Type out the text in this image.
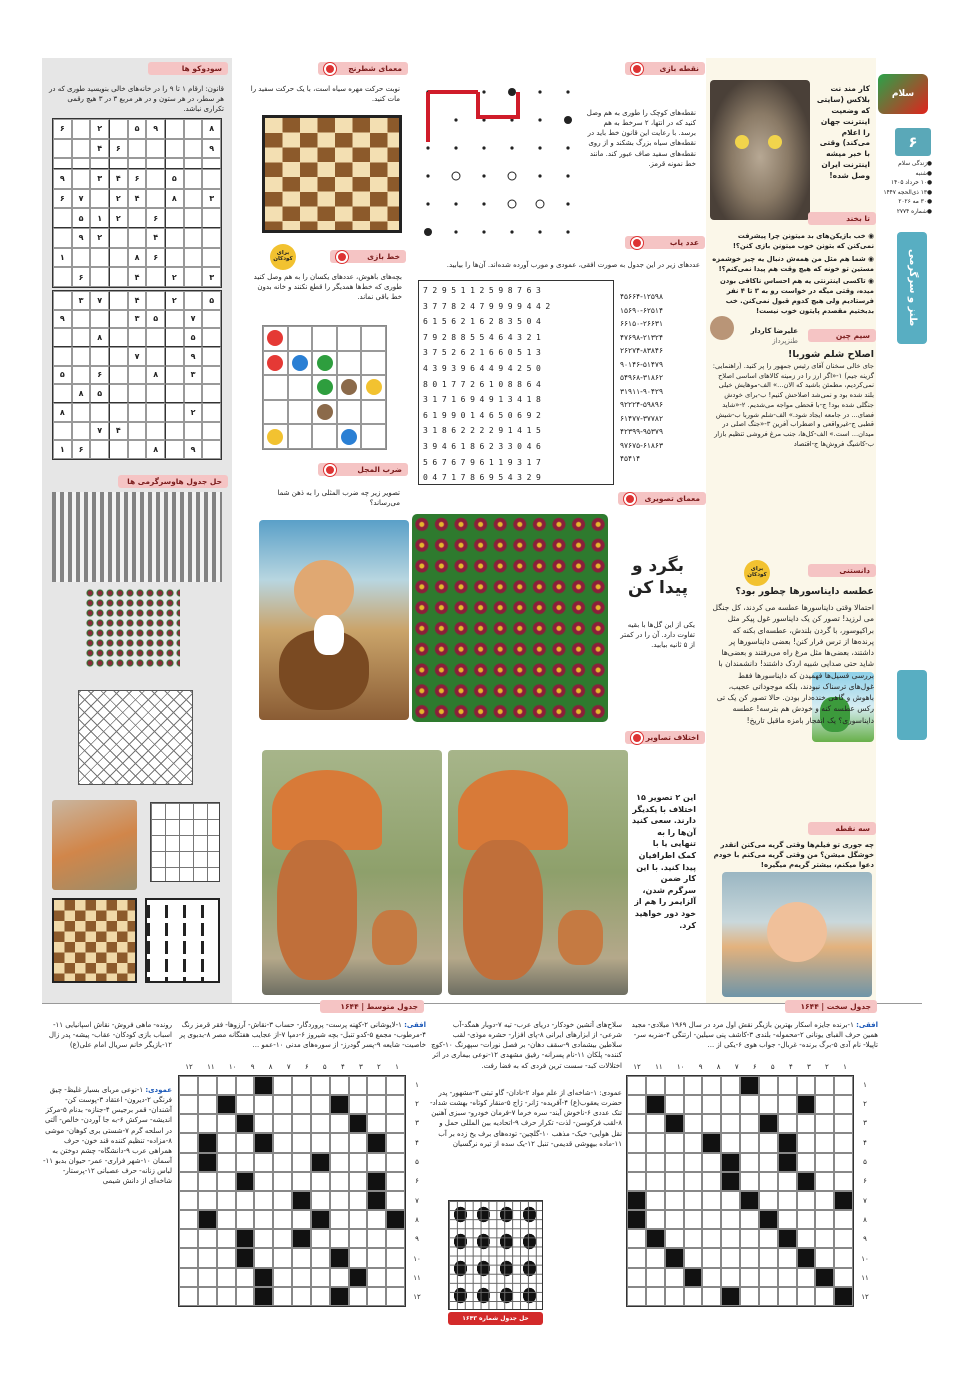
سودوکو ها
قانون: ارقام ۱ تا ۹ را در خانه‌های خالی بنویسید طوری که در هر سطر، در هر ستون و در هر مربع ۳ در ۳ هیچ رقمی تکراری نباشد.
۸
۹
۵
۲
۶
۹
۶
۴
۵
۶
۴
۳
۹
۳
۸
۴
۲
۷
۶
۶
۲
۱
۵
۴
۲
۹
۶
۸
۱
۳
۲
۴
۶
۵
۲
۴
۷
۳
۷
۵
۳
۹
۵
۸
۹
۷
۳
۸
۶
۵
۵
۸
۲
۸
۴
۷
۹
۸
۶
۱
حل جدول هاوسرگرمی ها
معمای شطرنج
نوبت حرکت مهره سیاه است، با یک حرکت سفید را مات کنید.
خط بازی
برای کودکان
بچه‌های باهوش، عددهای یکسان را به هم وصل کنید طوری که خط‌ها همدیگر را قطع نکنند و خانه بدون خط باقی نماند.
ضرب المجل
تصویر زیر چه ضرب المثلی را به ذهن شما می‌رساند؟
نقطه بازی
نقطه‌های کوچک را طوری به هم وصل کنید که در انتها، ۲ سرخط به هم برسد. با رعایت این قانون خط باید در نقطه‌های سیاه بزرگ بشکند و از روی نقطه‌های سفید صاف عبور کند. مانند خط نمونه قرمز.
عدد یاب
عددهای زیر در این جدول به صورت افقی، عمودی و مورب آورده شده‌اند. آن‌ها را بیابید.
7295112598763
37782479999442
6156216283504
7928855464321
3752621660513
4393964494250
8017726108864
3171694913418
6199014650692
3186222291415
3946186233046
5676796119317
0471786954329
۴۵۶۶۴-۱۲۵۹۸
۱۵۶۹۰-۶۲۵۱۴
۶۶۱۵۰-۲۶۶۳۱
۴۷۶۹۸-۲۱۳۲۴
۲۶۲۷۴-۸۳۸۴۶
۹۰۱۴۶-۵۱۴۷۹
۵۴۹۶۸-۳۱۸۶۲
۳۱۹۱۱-۹۰۴۲۹
۹۲۲۲۴-۵۹۸۹۶
۶۱۴۷۷-۳۷۷۸۲
۴۲۳۹۹-۹۵۳۷۹
۹۷۶۷۵-۶۱۸۶۳
۴۵۴۱۴
معمای تصویری
بگرد و پیدا کن
یکی از این گل‌ها با بقیه تفاوت دارد. آن را در کمتر از ۵ ثانیه بیابید.
اختلاف تصاویر
این ۲ تصویر ۱۵ اختلاف با یکدیگر دارند. سعی کنید آن‌ها را به تنهایی یا با کمک اطرافیان پیدا کنید. با این کار ضمن سرگرم شدن، آلزایمر را هم از خود دور خواهید کرد.
سلام
۶
●زندگی سلام
●شنبه
●۱۰ خرداد ۱۴۰۵
●۱۳ ذی‌الحجه ۱۴۴۷
●۳۰ مه ۲۰۲۶
●شماره ۲۷۷۴
طنز و سرگرمی
کار مند نت بلاکس (سایتی که وضعیت اینترنت جهان را اعلام می‌کند) وقتی با خبر میشه اینترنت ایران وصل شده!
تا بخند
◉ خب بازیکن‌های بد میتونن چرا پیشرفت نمی‌کنن که بتونن خوب میتونن بازی کنن؟!
◉ شما هم مثل من همه‌ش دنبال یه چیز خوشمزه مستین تو خونه که هیچ وقت هم پیدا نمی‌کنم؟!
◉ تاکسی اینترنتی یه هم احساس ناکافی بودن میده، وقتی میگه در خواست رو به ۳ تا ۴ نفر فرستادیم ولی هیچ کدوم قبول نمی‌کنن. خب بدبختیم مقصدم پایتون خوب نیست!
سیم چین
علیرضا کاردار
طنزپرداز
اصلاح شلم شوربا!
جای خالی سخنان آقای رئیس جمهور را پر کنید. (راهنمایی: گزینه جیم) ۱-«اگر ارز را در زمینه کالاهای اساسی اصلاح نمی‌کردیم، مطمئن باشید که الان...» الف-موهایش خیلی بلند شده بود و نمی‌شد اصلاحش کنیم! ب-برای خودش جنگلی شده بود! ج-با قحطی مواجه می‌شدیم. ۲-«شاید فضای... در جامعه ایجاد شود.» الف-شلم شوربا ب-شیش قطبی ج-غیرواقعی و اضطراب آفرین ۳-«جنگ اصلی در میدان... است.» الف-کل‌ها، جنب مرغ فروشی تنظیم بازار ب-کاشیگ فروش‌ها ج-اقتصاد
دانستنی
برای کودکان
عطسه دایناسورها چطور بود؟
احتمالا وقتی دایناسورها عطسه می کردند، کل جنگل می لرزید! تصور کن یک دایناسور غول پیکر مثل براکیوسور، با گردن بلندش، عطسه‌ای بکنه که پرنده‌ها از ترس فرار کنن! بعضی دایناسورها پر داشتند، بعضی‌ها مثل مرغ راه می‌رفتند و بعضی‌ها شاید حتی صدایی شبیه اردک داشتند! دانشمندان با بررسی فسیل‌ها فهمیدن که دایناسورها فقط غول‌های ترسناک نبودند، بلکه موجوداتی عجیب، باهوش و گاهی خنده‌دار بودن. حالا تصور کن یک تی رکس عطسه کنه و خودش هم بترسه! عطسه دایناسوری؟ یک انفجار بامزه ماقبل تاریخ!
سه نقطه
چه جوری تو فیلم‌ها وقتی گریه می‌کنن انقدر خوشگل میشن؟ من وقتی گریه می‌کنم با خودم دعوا میکنم، بیشتر گریه‌م میگیره!
جدول سخت | ۱۶۴۴
افقی: ۱-برنده جایزه اسکار بهترین بازیگر نقش اول مرد در سال ۱۹۶۹ میلادی- مجید همین حرف الفبای یونانی ۲-محموله- بلندی ۳-کاشف پنی سیلین- ارتنگی ۴-ضربه سر- تاپیلا- نام آدی ۵-برگ برنده- غربال- جواب هوی ۶-یکی از ...
سلاح‌های آتشین خودکار- دریای عرب- تیه ۷-دوبار همگد-آب شرعی- از ابزارهای ایرانی ۸-پای افزار- حشره موذی- لقب سلاطین بیشمادی ۹-سقف دهان- بر فصل نورات- سپهرنگ ۱۰-کوچ کننده- پلکان ۱۱-نام پسرانه- رفیق مشهدی ۱۲-نوعی بیماری در اثر اختلالات کبد- سست ترین فردی که به فضا رفت.
عمودی: ۱-شاخه‌ای از علم مواد ۲-نادان- گاو تبتی ۳-مشهور- پدر حضرت یعقوب(ع) ۴-آفریده- ژانر- ژاج ۵-منقار کوتاه- بهشت شداد- تنک عددی ۶-ناخوش آیند- سره خرما ۷-فرمان خودرو- سبزی آهنین ۸-لقب فرکوسن- لذت- تکرار حرف ۹-اتحادیه بین المللی حمل و نقل هوایی- خیک- مذهب ۱۰-گلچین- توده‌های برف یخ زده بر آب ۱۱-ماده بیهوشی قدیمی- تنبل ۱۲-یک سده از تیره نرگسیان
۱
۲
۳
۴
۵
۶
۷
۸
۹
۱۰
۱۱
۱۲
۱
۲
۳
۴
۵
۶
۷
۸
۹
۱۰
۱۱
۱۲
حل جدول شماره ۱۶۴۳
جدول متوسط | ۱۶۴۴
افقی: ۱-لایوشانی ۲-کهنه پرست- پروردگار- حساب ۳-نقاش- آرزوها- فقر قرمز رنگ ۴-مرطوب- مجمع ۵-کدو تنبل- بچه شیروز ۶-دمپا ۷-از عجایب هفتگانه مصر ۸-بدبوی پر خاصیت- شایعه ۹-پسر گودرز- از سوره‌های مدنی ۱۰-عمو ...
رونده- ماهی فروش- نقاش اسپانیایی ۱۱-اسباب بازی کودکان- عقاب- پیشه- پدر زال ۱۲-بازیگر خانم سریال امام علی(ع)
عمودی: ۱-نوعی مربای بسیار غلیظ- چیق فرنگی ۲-دیرون- اعتقاد ۳-پوست کن- آشندان- قمر برجیس ۴-جنازه- بدنام ۵-مرکز اندیشه- سرکش ۶-به جا آوردن- خالص- آلتی در اسلحه گرم ۷-شستی بری کوهان- موشی ۸-مزاده- تنظیم کننده قند خون- حرف همراهی عرب ۹-دانشگاه- چشم دوختن به آسمان ۱۰-شهر فراری- عمر- حیوان بدبو ۱۱-لباس زنانه- حرف عصبانی ۱۲-پرستار- شاخه‌ای از دانش شیمی
۱
۲
۳
۴
۵
۶
۷
۸
۹
۱۰
۱۱
۱۲
۱
۲
۳
۴
۵
۶
۷
۸
۹
۱۰
۱۱
۱۲
